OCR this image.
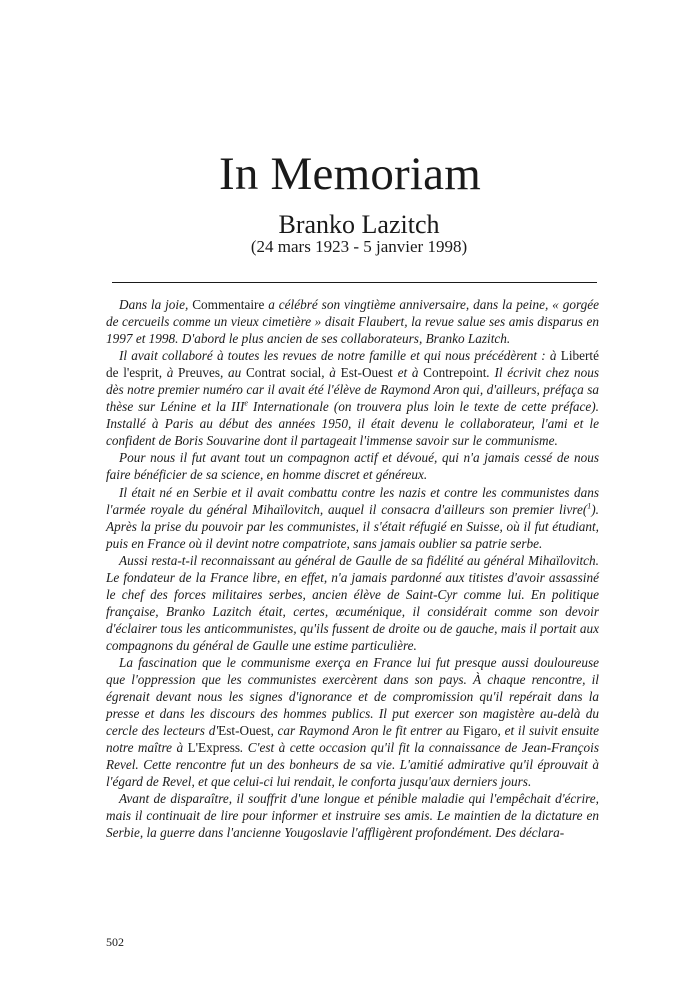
In Memoriam
Branko Lazitch
(24 mars 1923 - 5 janvier 1998)

Dans la joie, Commentaire a célébré son vingtième anniversaire, dans la peine, « gorgée de cercueils comme un vieux cimetière » disait Flaubert, la revue salue ses amis disparus en 1997 et 1998. D'abord le plus ancien de ses collaborateurs, Branko Lazitch.

Il avait collaboré à toutes les revues de notre famille et qui nous précédèrent : à Liberté de l'esprit, à Preuves, au Contrat social, à Est-Ouest et à Contrepoint. Il écrivit chez nous dès notre premier numéro car il avait été l'élève de Raymond Aron qui, d'ailleurs, préfaça sa thèse sur Lénine et la IIIe Internationale (on trouvera plus loin le texte de cette préface). Installé à Paris au début des années 1950, il était devenu le collaborateur, l'ami et le confident de Boris Souvarine dont il partageait l'immense savoir sur le communisme.

Pour nous il fut avant tout un compagnon actif et dévoué, qui n'a jamais cessé de nous faire bénéficier de sa science, en homme discret et généreux.

Il était né en Serbie et il avait combattu contre les nazis et contre les communistes dans l'armée royale du général Mihaïlovitch, auquel il consacra d'ailleurs son premier livre($^1$). Après la prise du pouvoir par les communistes, il s'était réfugié en Suisse, où il fut étudiant, puis en France où il devint notre compatriote, sans jamais oublier sa patrie serbe.

Aussi resta-t-il reconnaissant au général de Gaulle de sa fidélité au général Mihaïlovitch. Le fondateur de la France libre, en effet, n'a jamais pardonné aux titistes d'avoir assassiné le chef des forces militaires serbes, ancien élève de Saint-Cyr comme lui. En politique française, Branko Lazitch était, certes, œcuménique, il considérait comme son devoir d'éclairer tous les anticommunistes, qu'ils fussent de droite ou de gauche, mais il portait aux compagnons du général de Gaulle une estime particulière.

La fascination que le communisme exerça en France lui fut presque aussi douloureuse que l'oppression que les communistes exercèrent dans son pays. À chaque rencontre, il égrenait devant nous les signes d'ignorance et de compromission qu'il repérait dans la presse et dans les discours des hommes publics. Il put exercer son magistère au-delà du cercle des lecteurs d'Est-Ouest, car Raymond Aron le fit entrer au Figaro, et il suivit ensuite notre maître à L'Express. C'est à cette occasion qu'il fit la connaissance de Jean-François Revel. Cette rencontre fut un des bonheurs de sa vie. L'amitié admirative qu'il éprouvait à l'égard de Revel, et que celui-ci lui rendait, le conforta jusqu'aux derniers jours.

Avant de disparaître, il souffrit d'une longue et pénible maladie qui l'empêchait d'écrire, mais il continuait de lire pour informer et instruire ses amis. Le maintien de la dictature en Serbie, la guerre dans l'ancienne Yougoslavie l'affligèrent profondément. Des déclara-

502
